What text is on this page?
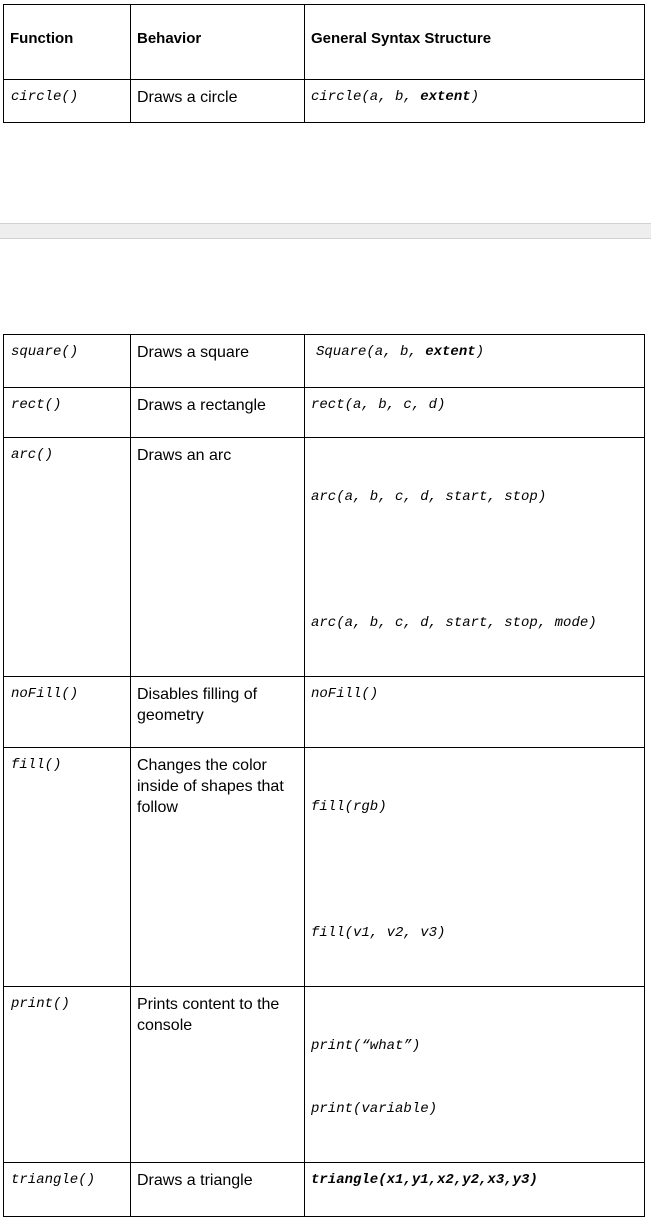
Function	Behavior	General Syntax Structure
circle()	Draws a circle	circle(a, b, extent)
square()	Draws a square	Square(a, b, extent)
rect()	Draws a rectangle	rect(a, b, c, d)
arc()	Draws an arc	arc(a, b, c, d, start, stop)

arc(a, b, c, d, start, stop, mode)

noFill()	Disables filling of geometry	noFill()
fill()	Changes the color inside of shapes that follow	fill(rgb)

fill(v1, v2, v3)

print()	Prints content to the console	print(“what”)

print(variable)

triangle()	Draws a triangle	triangle(x1,y1,x2,y2,x3,y3)
